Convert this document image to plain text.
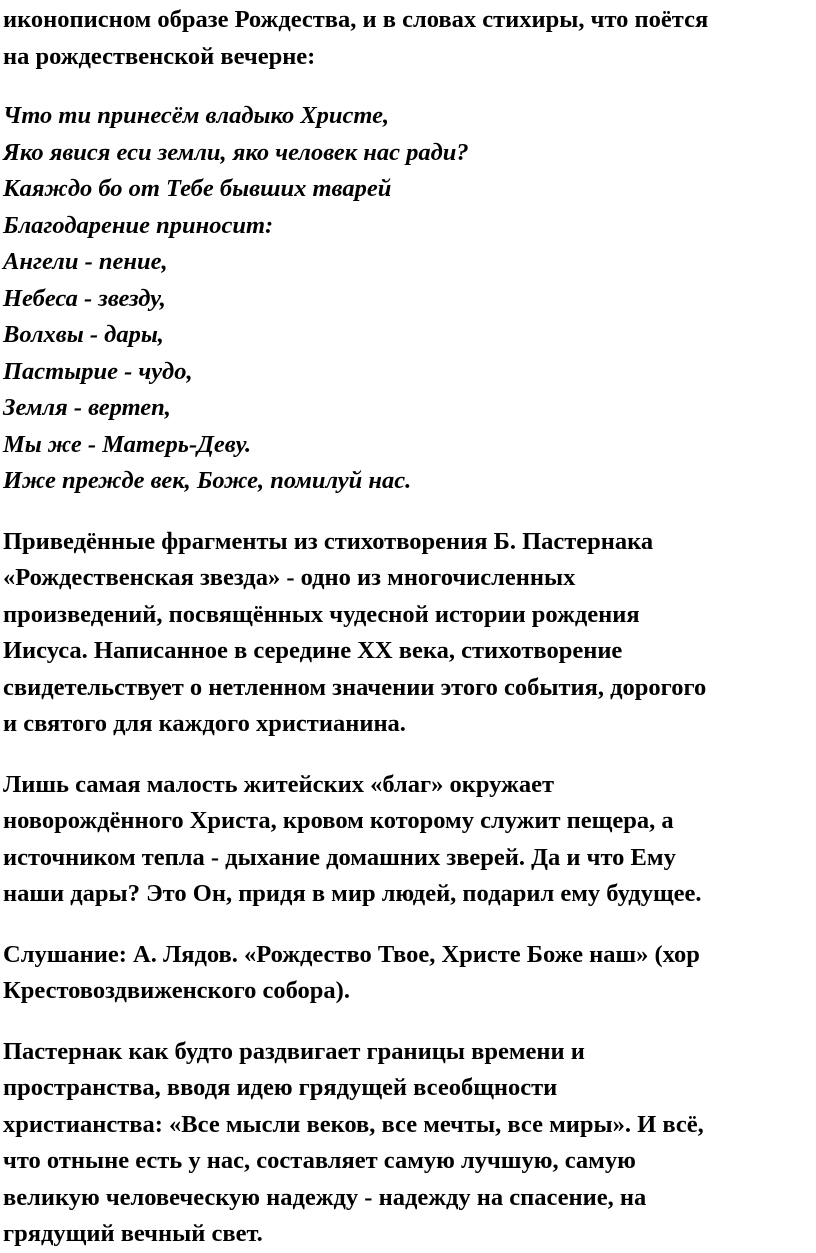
иконописном образе Рождества, и в словах стихиры, что поётся
на рождественской вечерне:

Что ти принесём владыко Христе,
Яко явися еси земли, яко человек нас ради?
Каяждо бо от Тебе бывших тварей
Благодарение приносит:
Ангели - пение,
Небеса - звезду,
Волхвы - дары,
Пастырие - чудо,
Земля - вертеп,
Мы же - Матерь-Деву.
Иже прежде век, Боже, помилуй нас.

Приведённые фрагменты из стихотворения Б. Пастернака
«Рождественская звезда» - одно из многочисленных
произведений, посвящённых чудесной истории рождения
Иисуса. Написанное в середине XX века, стихотворение
свидетельствует о нетленном значении этого события, дорогого
и святого для каждого христианина.

Лишь самая малость житейских «благ» окружает
новорождённого Христа, кровом которому служит пещера, а
источником тепла - дыхание домашних зверей. Да и что Ему
наши дары? Это Он, придя в мир людей, подарил ему будущее.

Слушание: А. Лядов. «Рождество Твое, Христе Боже наш» (хор
Крестовоздвиженского собора).

Пастернак как будто раздвигает границы времени и
пространства, вводя идею грядущей всеобщности
христианства: «Все мысли веков, все мечты, все миры». И всё,
что отныне есть у нас, составляет самую лучшую, самую
великую человеческую надежду - надежду на спасение, на
грядущий вечный свет.
